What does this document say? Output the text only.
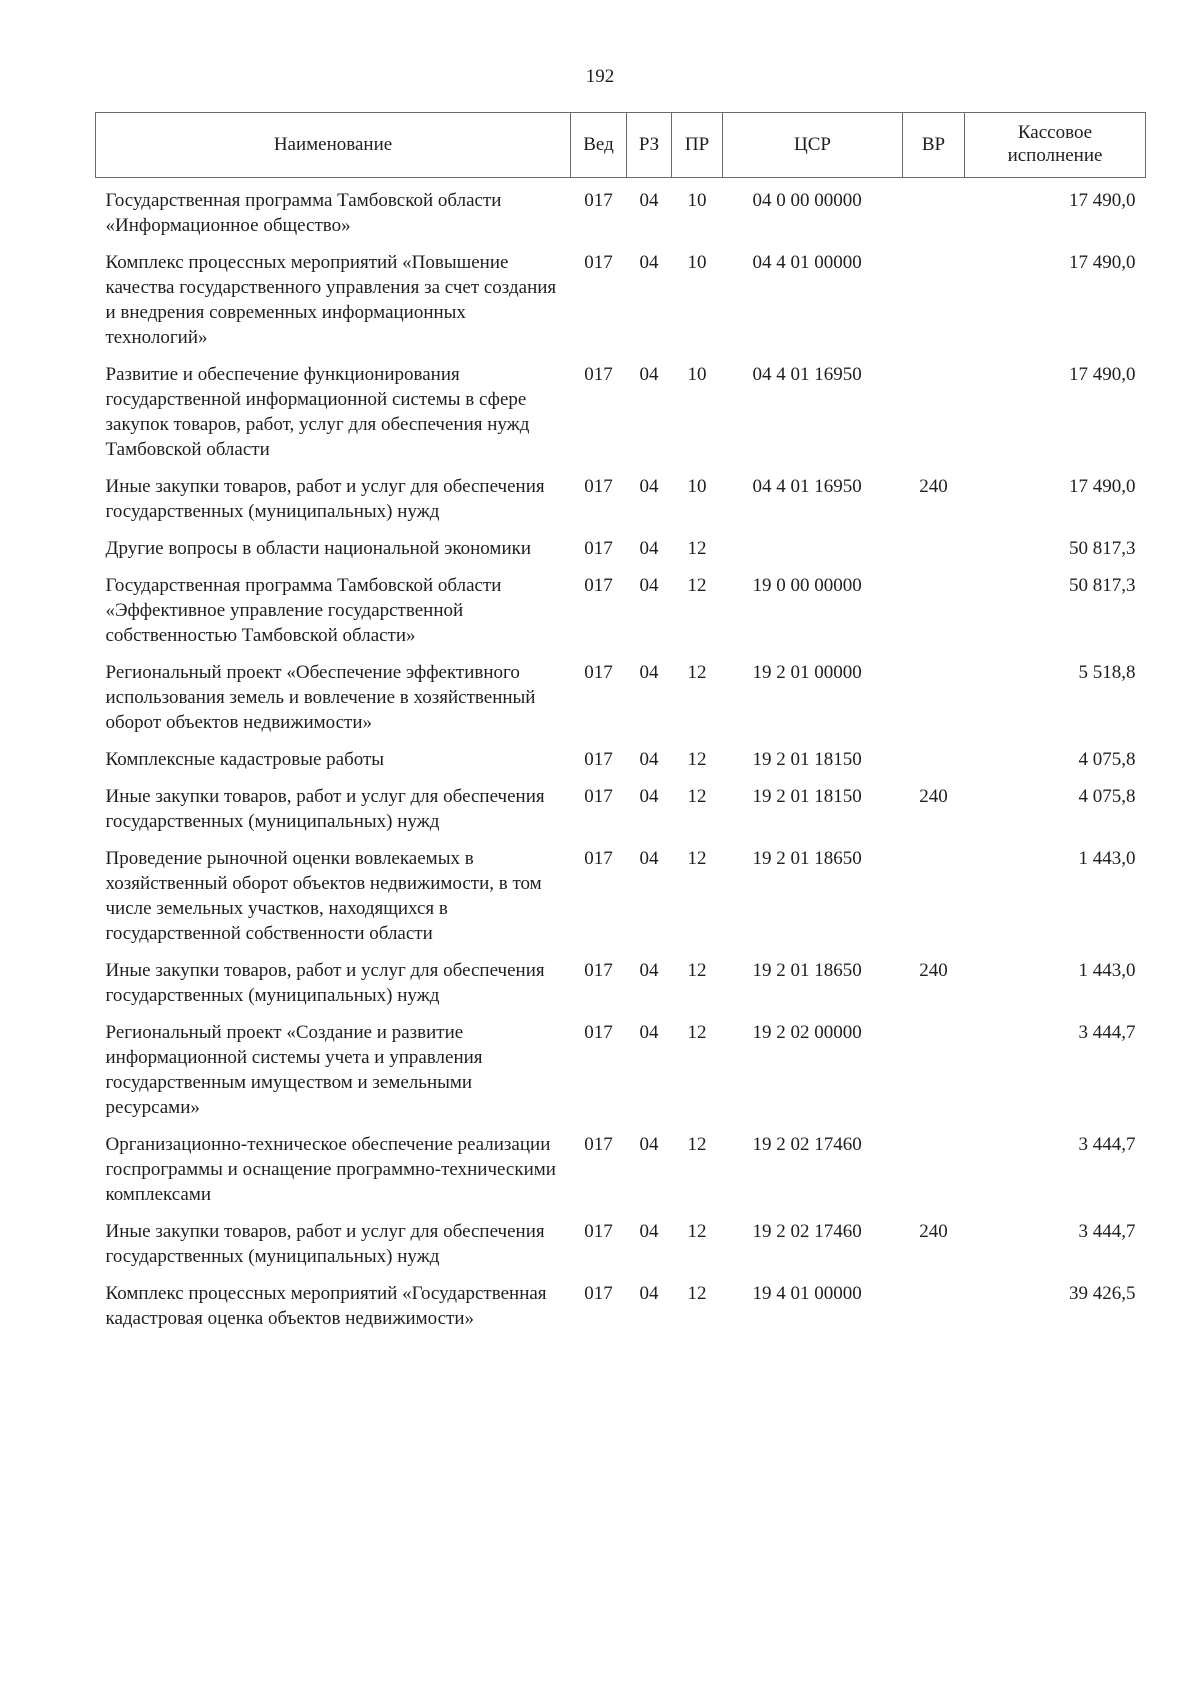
192
Наименование	Вед	РЗ	ПР	ЦСР	ВР	Кассовое исполнение
Государственная программа Тамбовской области «Информационное общество»	017	04	10	04 0 00 00000		17 490,0
Комплекс процессных мероприятий «Повышение качества государственного управления за счет создания и внедрения современных информационных технологий»	017	04	10	04 4 01 00000		17 490,0
Развитие и обеспечение функционирования государственной информационной системы в сфере закупок товаров, работ, услуг для обеспечения нужд Тамбовской области	017	04	10	04 4 01 16950		17 490,0
Иные закупки товаров, работ и услуг для обеспечения государственных (муниципальных) нужд	017	04	10	04 4 01 16950	240	17 490,0
Другие вопросы в области национальной экономики	017	04	12			50 817,3
Государственная программа Тамбовской области «Эффективное управление государственной собственностью Тамбовской области»	017	04	12	19 0 00 00000		50 817,3
Региональный проект «Обеспечение эффективного использования земель и вовлечение в хозяйственный оборот объектов недвижимости»	017	04	12	19 2 01 00000		5 518,8
Комплексные кадастровые работы	017	04	12	19 2 01 18150		4 075,8
Иные закупки товаров, работ и услуг для обеспечения государственных (муниципальных) нужд	017	04	12	19 2 01 18150	240	4 075,8
Проведение рыночной оценки вовлекаемых в хозяйственный оборот объектов недвижимости, в том числе земельных участков, находящихся в государственной собственности области	017	04	12	19 2 01 18650		1 443,0
Иные закупки товаров, работ и услуг для обеспечения государственных (муниципальных) нужд	017	04	12	19 2 01 18650	240	1 443,0
Региональный проект «Создание и развитие информационной системы учета и управления государственным имуществом и земельными ресурсами»	017	04	12	19 2 02 00000		3 444,7
Организационно-техническое обеспечение реализации госпрограммы и оснащение программно-техническими комплексами	017	04	12	19 2 02 17460		3 444,7
Иные закупки товаров, работ и услуг для обеспечения государственных (муниципальных) нужд	017	04	12	19 2 02 17460	240	3 444,7
Комплекс процессных мероприятий «Государственная кадастровая оценка объектов недвижимости»	017	04	12	19 4 01 00000		39 426,5
